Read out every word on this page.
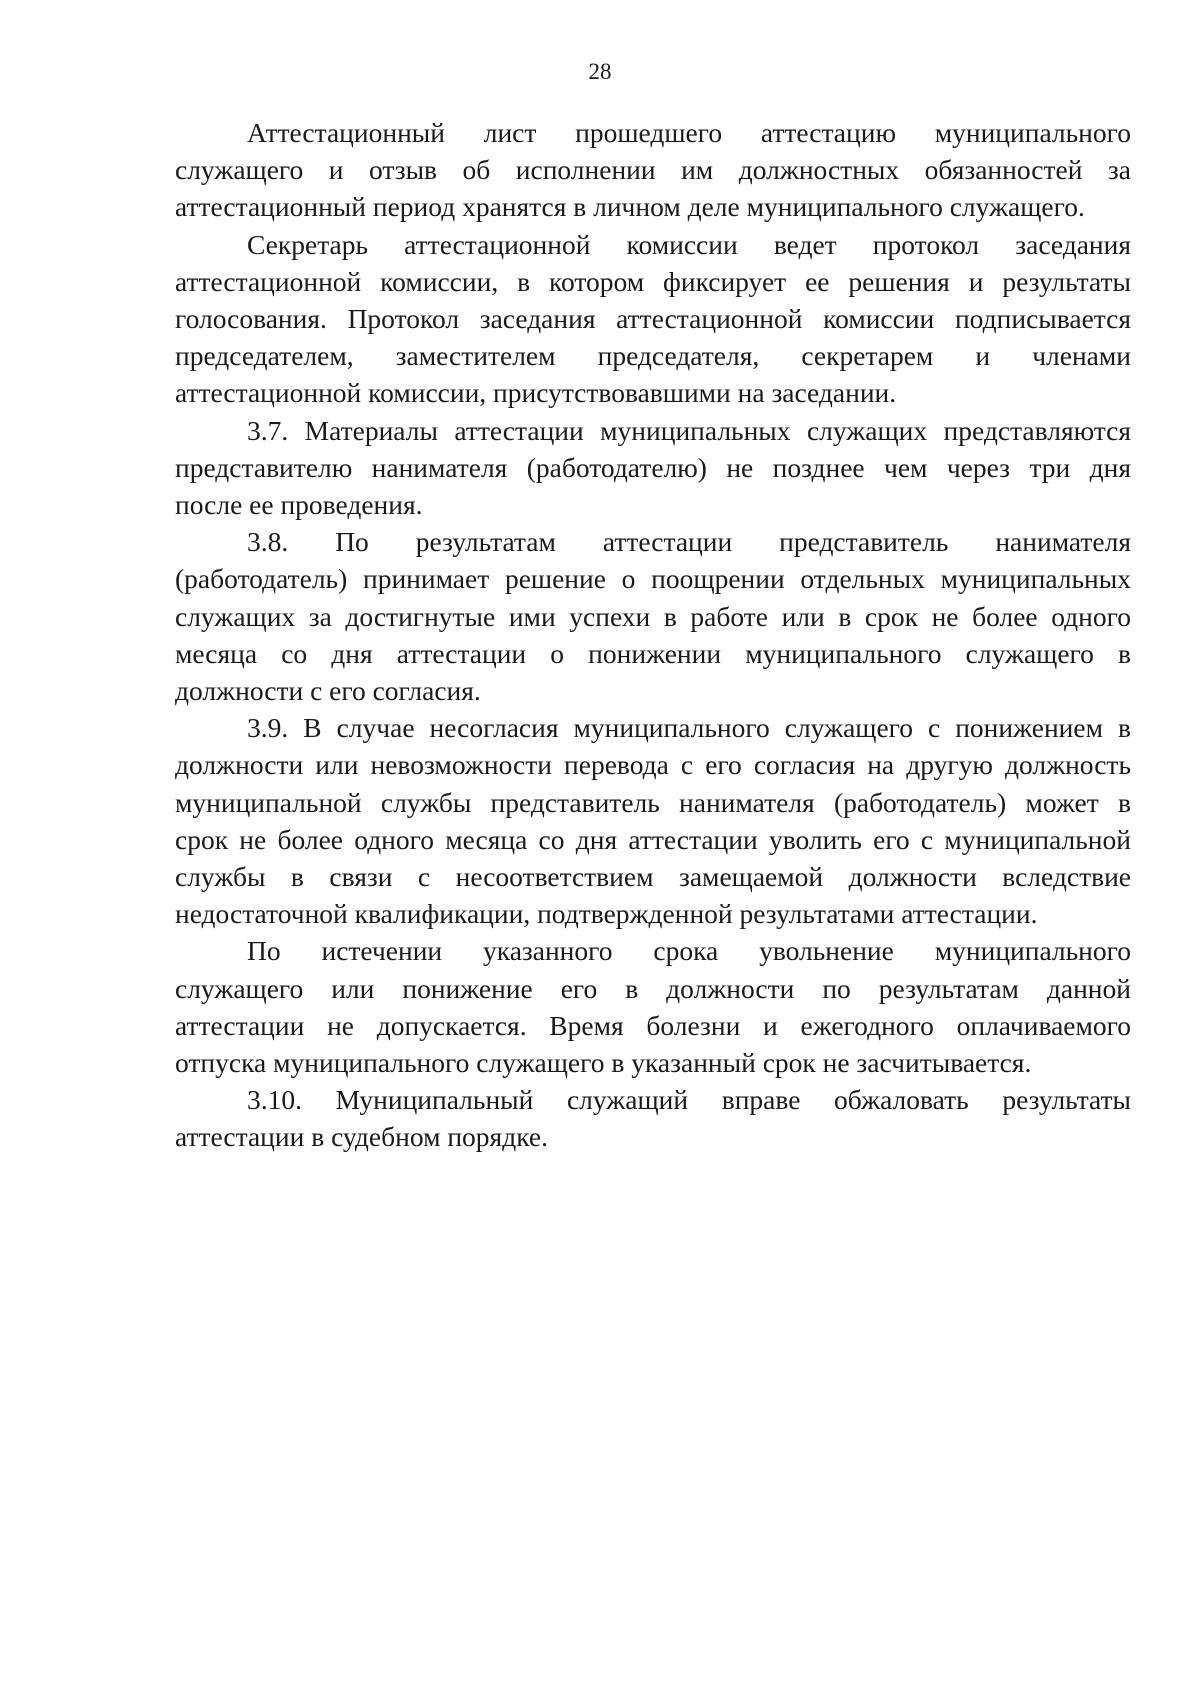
28
Аттестационный лист прошедшего аттестацию муниципального
служащего и отзыв об исполнении им должностных обязанностей за
аттестационный период хранятся в личном деле муниципального служащего.
Секретарь аттестационной комиссии ведет протокол заседания
аттестационной комиссии, в котором фиксирует ее решения и результаты
голосования. Протокол заседания аттестационной комиссии подписывается
председателем, заместителем председателя, секретарем и членами
аттестационной комиссии, присутствовавшими на заседании.
3.7. Материалы аттестации муниципальных служащих представляются
представителю нанимателя (работодателю) не позднее чем через три дня
после ее проведения.
3.8. По результатам аттестации представитель нанимателя
(работодатель) принимает решение о поощрении отдельных муниципальных
служащих за достигнутые ими успехи в работе или в срок не более одного
месяца со дня аттестации о понижении муниципального служащего в
должности с его согласия.
3.9. В случае несогласия муниципального служащего с понижением в
должности или невозможности перевода с его согласия на другую должность
муниципальной службы представитель нанимателя (работодатель) может в
срок не более одного месяца со дня аттестации уволить его с муниципальной
службы в связи с несоответствием замещаемой должности вследствие
недостаточной квалификации, подтвержденной результатами аттестации.
По истечении указанного срока увольнение муниципального
служащего или понижение его в должности по результатам данной
аттестации не допускается. Время болезни и ежегодного оплачиваемого
отпуска муниципального служащего в указанный срок не засчитывается.
3.10. Муниципальный служащий вправе обжаловать результаты
аттестации в судебном порядке.
